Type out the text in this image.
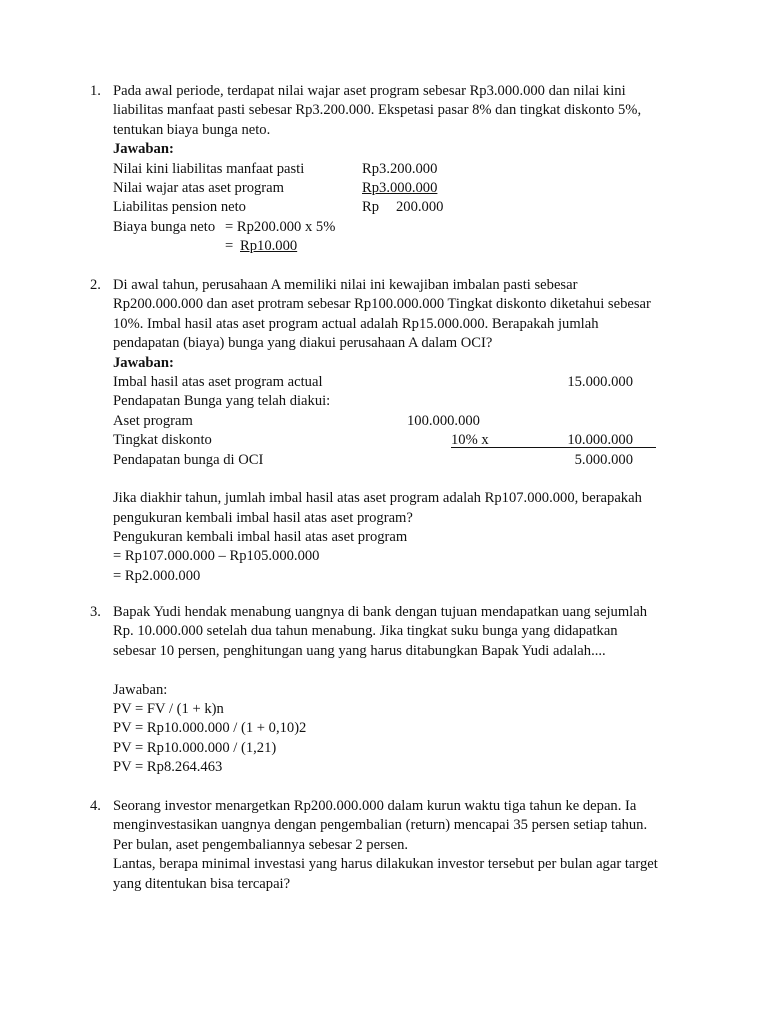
1. Pada awal periode, terdapat nilai wajar aset program sebesar Rp3.000.000 dan nilai kini
liabilitas manfaat pasti sebesar Rp3.200.000. Ekspetasi pasar 8% dan tingkat diskonto 5%,
tentukan biaya bunga neto.
Jawaban:
Nilai kini liabilitas manfaat pasti	Rp3.200.000
Nilai wajar atas aset program	Rp3.000.000
Liabilitas pension neto	Rp 200.000
Biaya bunga neto = Rp200.000 x 5%
= Rp10.000
2. Di awal tahun, perusahaan A memiliki nilai ini kewajiban imbalan pasti sebesar
Rp200.000.000 dan aset protram sebesar Rp100.000.000 Tingkat diskonto diketahui sebesar
10%. Imbal hasil atas aset program actual adalah Rp15.000.000. Berapakah jumlah
pendapatan (biaya) bunga yang diakui perusahaan A dalam OCI?
Jawaban:
Imbal hasil atas aset program actual	15.000.000
Pendapatan Bunga yang telah diakui:
Aset program	100.000.000
Tingkat diskonto	10% x	10.000.000
Pendapatan bunga di OCI	5.000.000
Jika diakhir tahun, jumlah imbal hasil atas aset program adalah Rp107.000.000, berapakah
pengukuran kembali imbal hasil atas aset program?
Pengukuran kembali imbal hasil atas aset program
= Rp107.000.000 – Rp105.000.000
= Rp2.000.000
3. Bapak Yudi hendak menabung uangnya di bank dengan tujuan mendapatkan uang sejumlah
Rp. 10.000.000 setelah dua tahun menabung. Jika tingkat suku bunga yang didapatkan
sebesar 10 persen, penghitungan uang yang harus ditabungkan Bapak Yudi adalah....
Jawaban:
PV = FV / (1 + k)n
PV = Rp10.000.000 / (1 + 0,10)2
PV = Rp10.000.000 / (1,21)
PV = Rp8.264.463
4. Seorang investor menargetkan Rp200.000.000 dalam kurun waktu tiga tahun ke depan. Ia
menginvestasikan uangnya dengan pengembalian (return) mencapai 35 persen setiap tahun.
Per bulan, aset pengembaliannya sebesar 2 persen.
Lantas, berapa minimal investasi yang harus dilakukan investor tersebut per bulan agar target
yang ditentukan bisa tercapai?
